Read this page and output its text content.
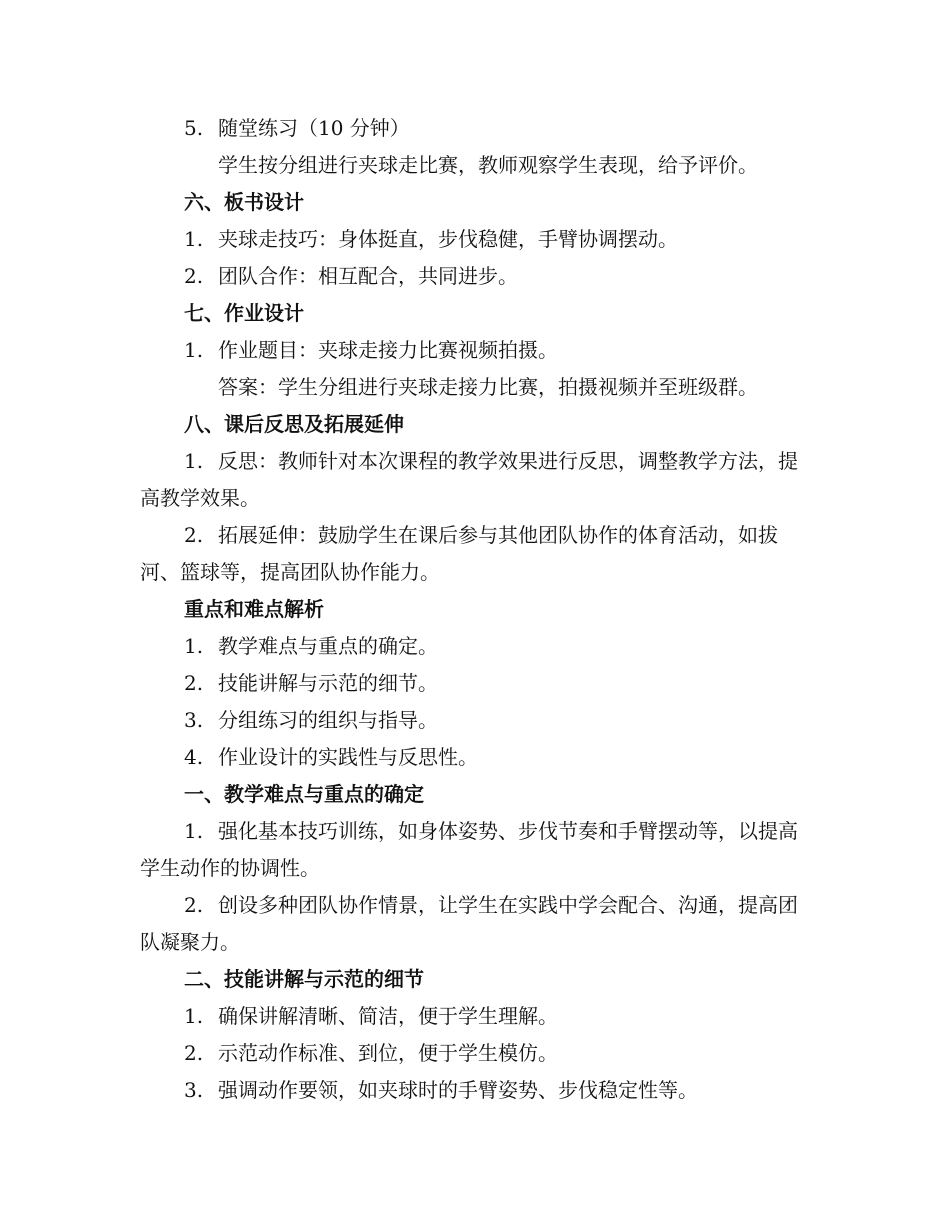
5. 随堂练习（10 分钟）
学生按分组进行夹球走比赛，教师观察学生表现，给予评价。
六、板书设计
1. 夹球走技巧：身体挺直，步伐稳健，手臂协调摆动。
2. 团队合作：相互配合，共同进步。
七、作业设计
1. 作业题目：夹球走接力比赛视频拍摄。
答案：学生分组进行夹球走接力比赛，拍摄视频并至班级群。
八、课后反思及拓展延伸
1. 反思：教师针对本次课程的教学效果进行反思，调整教学方法，提高教学效果。
2. 拓展延伸：鼓励学生在课后参与其他团队协作的体育活动，如拔河、篮球等，提高团队协作能力。
重点和难点解析
1. 教学难点与重点的确定。
2. 技能讲解与示范的细节。
3. 分组练习的组织与指导。
4. 作业设计的实践性与反思性。
一、教学难点与重点的确定
1. 强化基本技巧训练，如身体姿势、步伐节奏和手臂摆动等，以提高学生动作的协调性。
2. 创设多种团队协作情景，让学生在实践中学会配合、沟通，提高团队凝聚力。
二、技能讲解与示范的细节
1. 确保讲解清晰、简洁，便于学生理解。
2. 示范动作标准、到位，便于学生模仿。
3. 强调动作要领，如夹球时的手臂姿势、步伐稳定性等。
